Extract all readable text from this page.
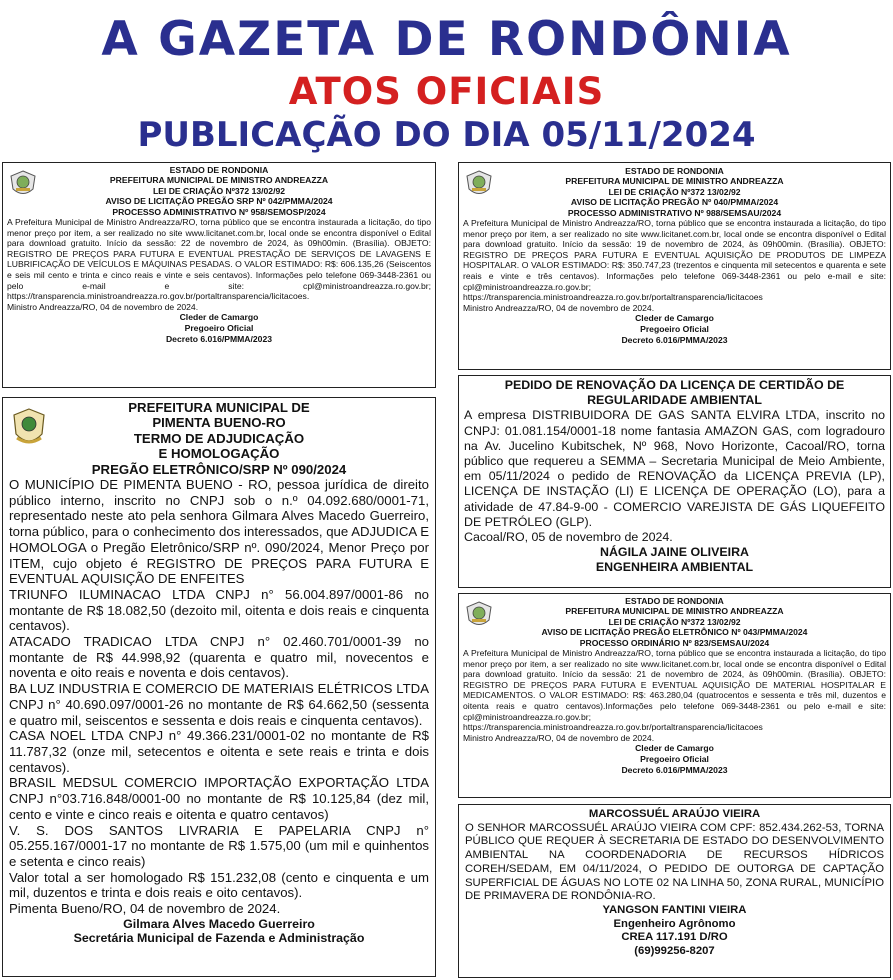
A GAZETA DE RONDÔNIA
ATOS OFICIAIS
PUBLICAÇÃO DO DIA 05/11/2024
ESTADO DE RONDONIA
PREFEITURA MUNICIPAL DE MINISTRO ANDREAZZA
LEI DE CRIAÇÃO Nº372 13/02/92
AVISO DE LICITAÇÃO PREGÃO SRP Nº 042/PMMA/2024
PROCESSO ADMINISTRATIVO Nº 958/SEMOSP/2024
A Prefeitura Municipal de Ministro Andreazza/RO, torna público que se encontra instaurada a licitação, do tipo menor preço por item, a ser realizado no site www.licitanet.com.br, local onde se encontra disponível o Edital para download gratuito. Início da sessão: 22 de novembro de 2024, às 09h00min. (Brasília). OBJETO: REGISTRO DE PREÇOS PARA FUTURA E EVENTUAL PRESTAÇÃO DE SERVIÇOS DE LAVAGENS E LUBRIFICAÇÃO DE VEÍCULOS E MÁQUINAS PESADAS. O VALOR ESTIMADO: R$: 606.135,26 (Seiscentos e seis mil cento e trinta e cinco reais e vinte e seis centavos). Informações pelo telefone 069-3448-2361 ou pelo e-mail e site: cpl@ministroandreazza.ro.gov.br; https://transparencia.ministroandreazza.ro.gov.br/portaltransparencia/licitacoes.
Ministro Andreazza/RO, 04 de novembro de 2024.
Cleder de Camargo
Pregoeiro Oficial
Decreto 6.016/PMMA/2023
ESTADO DE RONDONIA
PREFEITURA MUNICIPAL DE MINISTRO ANDREAZZA
LEI DE CRIAÇÃO Nº372 13/02/92
AVISO DE LICITAÇÃO PREGÃO Nº 040/PMMA/2024
PROCESSO ADMINISTRATIVO Nº 988/SEMSAU/2024
A Prefeitura Municipal de Ministro Andreazza/RO, torna público que se encontra instaurada a licitação, do tipo menor preço por item, a ser realizado no site www.licitanet.com.br, local onde se encontra disponível o Edital para download gratuito. Início da sessão: 19 de novembro de 2024, às 09h00min. (Brasília). OBJETO: REGISTRO DE PREÇOS PARA FUTURA E EVENTUAL AQUISIÇÃO DE PRODUTOS DE LIMPEZA HOSPITALAR. O VALOR ESTIMADO: R$: 350.747,23 (trezentos e cinquenta mil setecentos e quarenta e sete reais e vinte e três centavos). Informações pelo telefone 069-3448-2361 ou pelo e-mail e site: cpl@ministroandreazza.ro.gov.br; https://transparencia.ministroandreazza.ro.gov.br/portaltransparencia/licitacoes
Ministro Andreazza/RO, 04 de novembro de 2024.
Cleder de Camargo
Pregoeiro Oficial
Decreto 6.016/PMMA/2023
PREFEITURA MUNICIPAL DE
PIMENTA BUENO-RO
TERMO DE ADJUDICAÇÃO
E HOMOLOGAÇÃO
PREGÃO ELETRÔNICO/SRP Nº 090/2024
O MUNICÍPIO DE PIMENTA BUENO - RO, pessoa jurídica de direito público interno, inscrito no CNPJ sob o n.º 04.092.680/0001-71, representado neste ato pela senhora Gilmara Alves Macedo Guerreiro, torna público, para o conhecimento dos interessados, que ADJUDICA E HOMOLOGA o Pregão Eletrônico/SRP nº. 090/2024, Menor Preço por ITEM, cujo objeto é REGISTRO DE PREÇOS PARA FUTURA E EVENTUAL AQUISIÇÃO DE ENFEITES
TRIUNFO ILUMINACAO LTDA CNPJ n° 56.004.897/0001-86 no montante de R$ 18.082,50 (dezoito mil, oitenta e dois reais e cinquenta centavos).
ATACADO TRADICAO LTDA CNPJ n° 02.460.701/0001-39 no montante de R$ 44.998,92 (quarenta e quatro mil, novecentos e noventa e oito reais e noventa e dois centavos).
BA LUZ INDUSTRIA E COMERCIO DE MATERIAIS ELÉTRICOS LTDA CNPJ n° 40.690.097/0001-26 no montante de R$ 64.662,50 (sessenta e quatro mil, seiscentos e sessenta e dois reais e cinquenta centavos).
CASA NOEL LTDA CNPJ n° 49.366.231/0001-02 no montante de R$ 11.787,32 (onze mil, setecentos e oitenta e sete reais e trinta e dois centavos).
BRASIL MEDSUL COMERCIO IMPORTAÇÃO EXPORTAÇÃO LTDA CNPJ n°03.716.848/0001-00 no montante de R$ 10.125,84 (dez mil, cento e vinte e cinco reais e oitenta e quatro centavos)
V. S. DOS SANTOS LIVRARIA E PAPELARIA CNPJ n° 05.255.167/0001-17 no montante de R$ 1.575,00 (um mil e quinhentos e setenta e cinco reais)
Valor total a ser homologado R$ 151.232,08 (cento e cinquenta e um mil, duzentos e trinta e dois reais e oito centavos).
Pimenta Bueno/RO, 04 de novembro de 2024.
Gilmara Alves Macedo Guerreiro
Secretária Municipal de Fazenda e Administração
PEDIDO DE RENOVAÇÃO DA LICENÇA DE CERTIDÃO DE
REGULARIDADE AMBIENTAL
A empresa DISTRIBUIDORA DE GAS SANTA ELVIRA LTDA, inscrito no CNPJ: 01.081.154/0001-18 nome fantasia AMAZON GAS, com logradouro na Av. Jucelino Kubitschek, Nº 968, Novo Horizonte, Cacoal/RO, torna público que requereu a SEMMA – Secretaria Municipal de Meio Ambiente, em 05/11/2024 o pedido de RENOVAÇÃO da LICENÇA PREVIA (LP), LICENÇA DE INSTAÇÃO (LI) E LICENÇA DE OPERAÇÃO (LO), para a atividade de 47.84-9-00 - COMERCIO VAREJISTA DE GÁS LIQUEFEITO DE PETRÓLEO (GLP).
Cacoal/RO, 05 de novembro de 2024.
NÁGILA JAINE OLIVEIRA
ENGENHEIRA AMBIENTAL
ESTADO DE RONDONIA
PREFEITURA MUNICIPAL DE MINISTRO ANDREAZZA
LEI DE CRIAÇÃO Nº372 13/02/92
AVISO DE LICITAÇÃO PREGÃO ELETRÔNICO Nº 043/PMMA/2024
PROCESSO ORDINÁRIO Nº 823/SEMSAU/2024
A Prefeitura Municipal de Ministro Andreazza/RO, torna público que se encontra instaurada a licitação, do tipo menor preço por item, a ser realizado no site www.licitanet.com.br, local onde se encontra disponível o Edital para download gratuito. Início da sessão: 21 de novembro de 2024, às 09h00min. (Brasília). OBJETO: REGISTRO DE PREÇOS PARA FUTURA E EVENTUAL AQUISIÇÃO DE MATERIAL HOSPITALAR E MEDICAMENTOS. O VALOR ESTIMADO: R$: 463.280,04 (quatrocentos e sessenta e três mil, duzentos e oitenta reais e quatro centavos).Informações pelo telefone 069-3448-2361 ou pelo e-mail e site: cpl@ministroandreazza.ro.gov.br; https://transparencia.ministroandreazza.ro.gov.br/portaltransparencia/licitacoes
Ministro Andreazza/RO, 04 de novembro de 2024.
Cleder de Camargo
Pregoeiro Oficial
Decreto 6.016/PMMA/2023
MARCOSSUÉL ARAÚJO VIEIRA
O SENHOR MARCOSSUÉL ARAÚJO VIEIRA COM CPF: 852.434.262-53, TORNA PÚBLICO QUE REQUER À SECRETARIA DE ESTADO DO DESENVOLVIMENTO AMBIENTAL NA COORDENADORIA DE RECURSOS HÍDRICOS COREH/SEDAM, EM 04/11/2024, O PEDIDO DE OUTORGA DE CAPTAÇÃO SUPERFICIAL DE ÁGUAS NO LOTE 02 NA LINHA 50, ZONA RURAL, MUNICÍPIO DE PRIMAVERA DE RONDÔNIA-RO.
YANGSON FANTINI VIEIRA
Engenheiro Agrônomo
CREA 117.191 D/RO
(69)99256-8207
